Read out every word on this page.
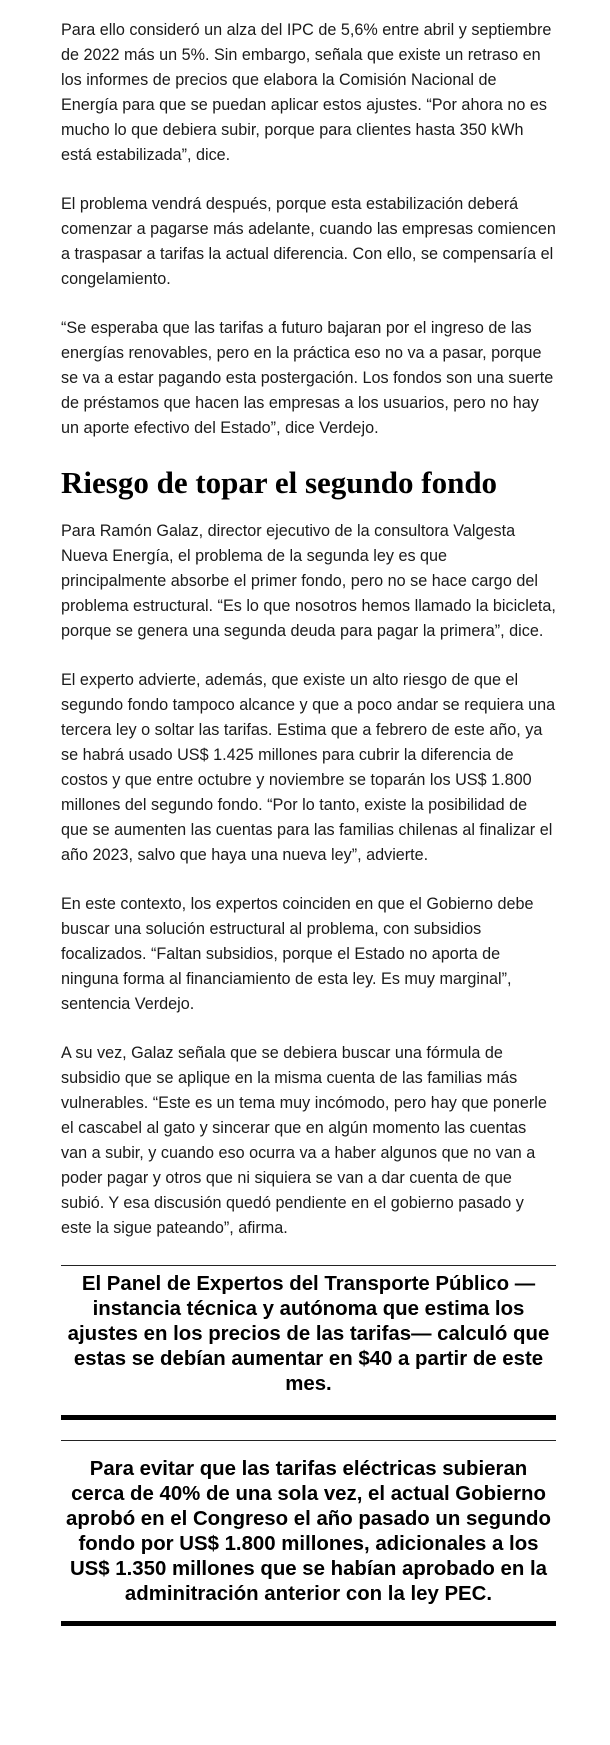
Para ello consideró un alza del IPC de 5,6% entre abril y septiembre de 2022 más un 5%. Sin embargo, señala que existe un retraso en los informes de precios que elabora la Comisión Nacional de Energía para que se puedan aplicar estos ajustes. “Por ahora no es mucho lo que debiera subir, porque para clientes hasta 350 kWh está estabilizada”, dice.

El problema vendrá después, porque esta estabilización deberá comenzar a pagarse más adelante, cuando las empresas comiencen a traspasar a tarifas la actual diferencia. Con ello, se compensaría el congelamiento.

“Se esperaba que las tarifas a futuro bajaran por el ingreso de las energías renovables, pero en la práctica eso no va a pasar, porque se va a estar pagando esta postergación. Los fondos son una suerte de préstamos que hacen las empresas a los usuarios, pero no hay un aporte efectivo del Estado”, dice Verdejo.

Riesgo de topar el segundo fondo

Para Ramón Galaz, director ejecutivo de la consultora Valgesta Nueva Energía, el problema de la segunda ley es que principalmente absorbe el primer fondo, pero no se hace cargo del problema estructural. “Es lo que nosotros hemos llamado la bicicleta, porque se genera una segunda deuda para pagar la primera”, dice.

El experto advierte, además, que existe un alto riesgo de que el segundo fondo tampoco alcance y que a poco andar se requiera una tercera ley o soltar las tarifas. Estima que a febrero de este año, ya se habrá usado US$ 1.425 millones para cubrir la diferencia de costos y que entre octubre y noviembre se toparán los US$ 1.800 millones del segundo fondo. “Por lo tanto, existe la posibilidad de que se aumenten las cuentas para las familias chilenas al finalizar el año 2023, salvo que haya una nueva ley”, advierte.

En este contexto, los expertos coinciden en que el Gobierno debe buscar una solución estructural al problema, con subsidios focalizados. “Faltan subsidios, porque el Estado no aporta de ninguna forma al financiamiento de esta ley. Es muy marginal”, sentencia Verdejo.

A su vez, Galaz señala que se debiera buscar una fórmula de subsidio que se aplique en la misma cuenta de las familias más vulnerables. “Este es un tema muy incómodo, pero hay que ponerle el cascabel al gato y sincerar que en algún momento las cuentas van a subir, y cuando eso ocurra va a haber algunos que no van a poder pagar y otros que ni siquiera se van a dar cuenta de que subió. Y esa discusión quedó pendiente en el gobierno pasado y este la sigue pateando”, afirma.

El Panel de Expertos del Transporte Público —instancia técnica y autónoma que estima los ajustes en los precios de las tarifas— calculó que estas se debían aumentar en $40 a partir de este mes.
Para evitar que las tarifas eléctricas subieran cerca de 40% de una sola vez, el actual Gobierno aprobó en el Congreso el año pasado un segundo fondo por US$ 1.800 millones, adicionales a los US$ 1.350 millones que se habían aprobado en la adminitración anterior con la ley PEC.
